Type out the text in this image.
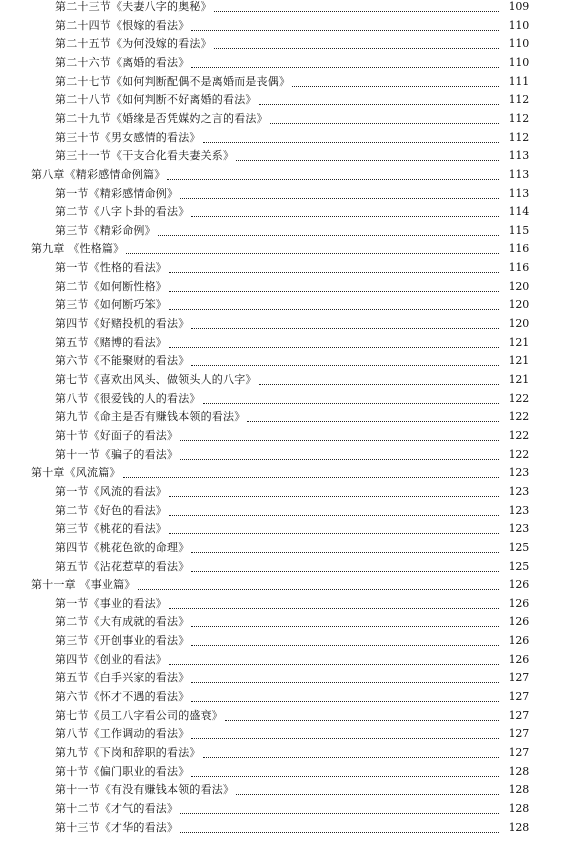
第二十三节《夫妻八字的奥秘》	109
第二十四节《恨嫁的看法》	110
第二十五节《为何没嫁的看法》	110
第二十六节《离婚的看法》	110
第二十七节《如何判断配偶不是离婚而是丧偶》	111
第二十八节《如何判断不好离婚的看法》	112
第二十九节《婚缘是否凭媒妁之言的看法》	112
第三十节《男女感情的看法》	112
第三十一节《干支合化看夫妻关系》	113
第八章《精彩感情命例篇》	113
第一节《精彩感情命例》	113
第二节《八字卜卦的看法》	114
第三节《精彩命例》	115
第九章 《性格篇》	116
第一节《性格的看法》	116
第二节《如何断性格》	120
第三节《如何断巧笨》	120
第四节《好赌投机的看法》	120
第五节《赌博的看法》	121
第六节《不能聚财的看法》	121
第七节《喜欢出风头、做领头人的八字》	121
第八节《很爱钱的人的看法》	122
第九节《命主是否有赚钱本领的看法》	122
第十节《好面子的看法》	122
第十一节《骗子的看法》	122
第十章《风流篇》	123
第一节《风流的看法》	123
第二节《好色的看法》	123
第三节《桃花的看法》	123
第四节《桃花色欲的命理》	125
第五节《沾花惹草的看法》	125
第十一章 《事业篇》	126
第一节《事业的看法》	126
第二节《大有成就的看法》	126
第三节《开创事业的看法》	126
第四节《创业的看法》	126
第五节《白手兴家的看法》	127
第六节《怀才不遇的看法》	127
第七节《员工八字看公司的盛衰》	127
第八节《工作调动的看法》	127
第九节《下岗和辞职的看法》	127
第十节《偏门职业的看法》	128
第十一节《有没有赚钱本领的看法》	128
第十二节《才气的看法》	128
第十三节《才华的看法》	128
